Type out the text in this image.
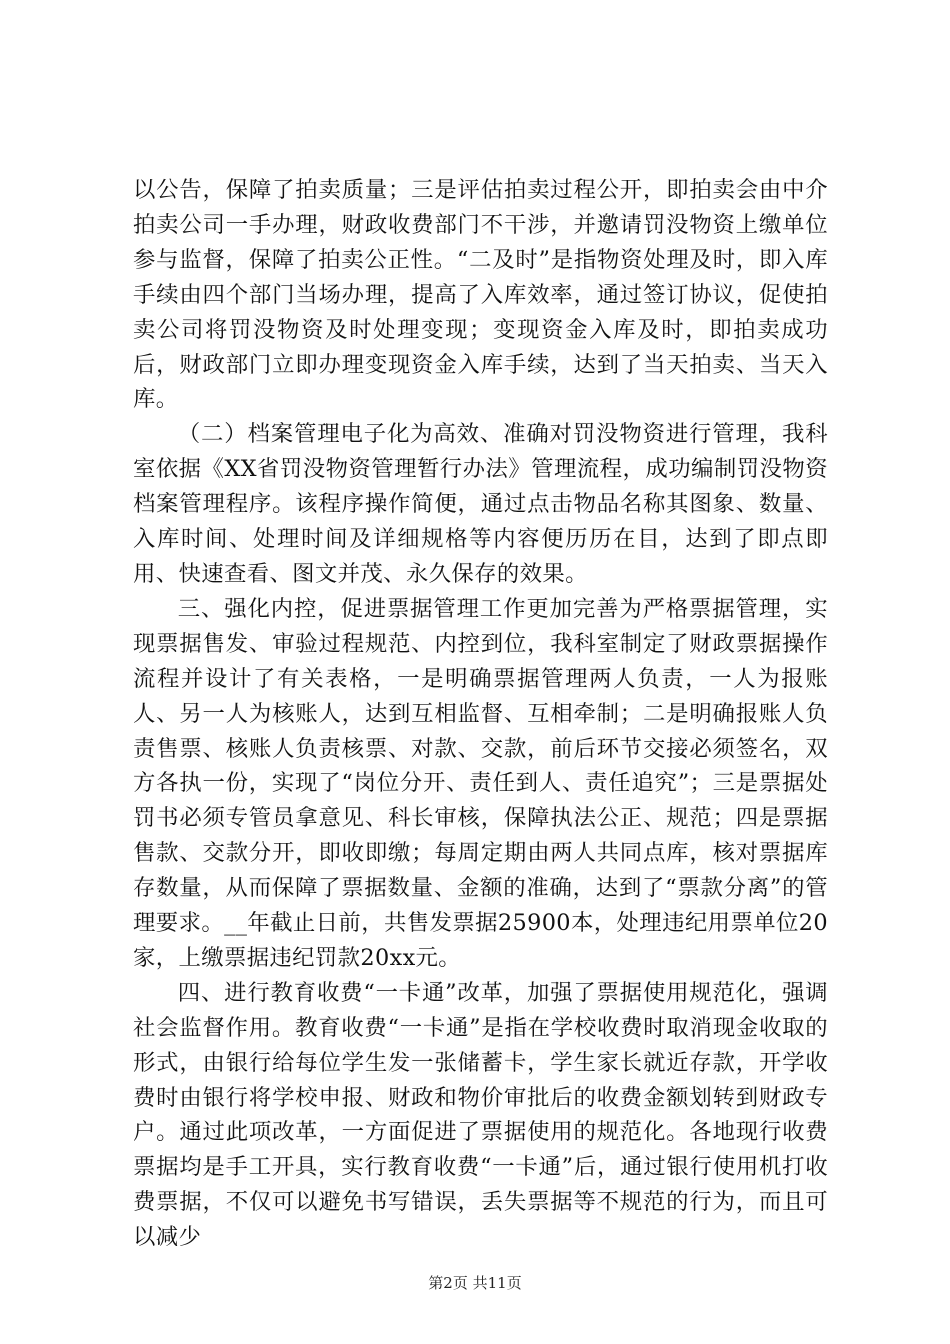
以公告，保障了拍卖质量；三是评估拍卖过程公开，即拍卖会由中介拍卖公司一手办理，财政收费部门不干涉，并邀请罚没物资上缴单位参与监督，保障了拍卖公正性。“二及时”是指物资处理及时，即入库手续由四个部门当场办理，提高了入库效率，通过签订协议，促使拍卖公司将罚没物资及时处理变现；变现资金入库及时，即拍卖成功后，财政部门立即办理变现资金入库手续，达到了当天拍卖、当天入库。

（二）档案管理电子化为高效、准确对罚没物资进行管理，我科室依据《XX省罚没物资管理暂行办法》管理流程，成功编制罚没物资档案管理程序。该程序操作简便，通过点击物品名称其图象、数量、入库时间、处理时间及详细规格等内容便历历在目，达到了即点即用、快速查看、图文并茂、永久保存的效果。

三、强化内控，促进票据管理工作更加完善为严格票据管理，实现票据售发、审验过程规范、内控到位，我科室制定了财政票据操作流程并设计了有关表格，一是明确票据管理两人负责，一人为报账人、另一人为核账人，达到互相监督、互相牵制；二是明确报账人负责售票、核账人负责核票、对款、交款，前后环节交接必须签名，双方各执一份，实现了“岗位分开、责任到人、责任追究”；三是票据处罚书必须专管员拿意见、科长审核，保障执法公正、规范；四是票据售款、交款分开，即收即缴；每周定期由两人共同点库，核对票据库存数量，从而保障了票据数量、金额的准确，达到了“票款分离”的管理要求。__年截止日前，共售发票据25900本，处理违纪用票单位20家，上缴票据违纪罚款20xx元。

四、进行教育收费“一卡通”改革，加强了票据使用规范化，强调社会监督作用。教育收费“一卡通”是指在学校收费时取消现金收取的形式，由银行给每位学生发一张储蓄卡，学生家长就近存款，开学收费时由银行将学校申报、财政和物价审批后的收费金额划转到财政专户。通过此项改革，一方面促进了票据使用的规范化。各地现行收费票据均是手工开具，实行教育收费“一卡通”后，通过银行使用机打收费票据，不仅可以避免书写错误，丢失票据等不规范的行为，而且可以减少

第2页 共11页
